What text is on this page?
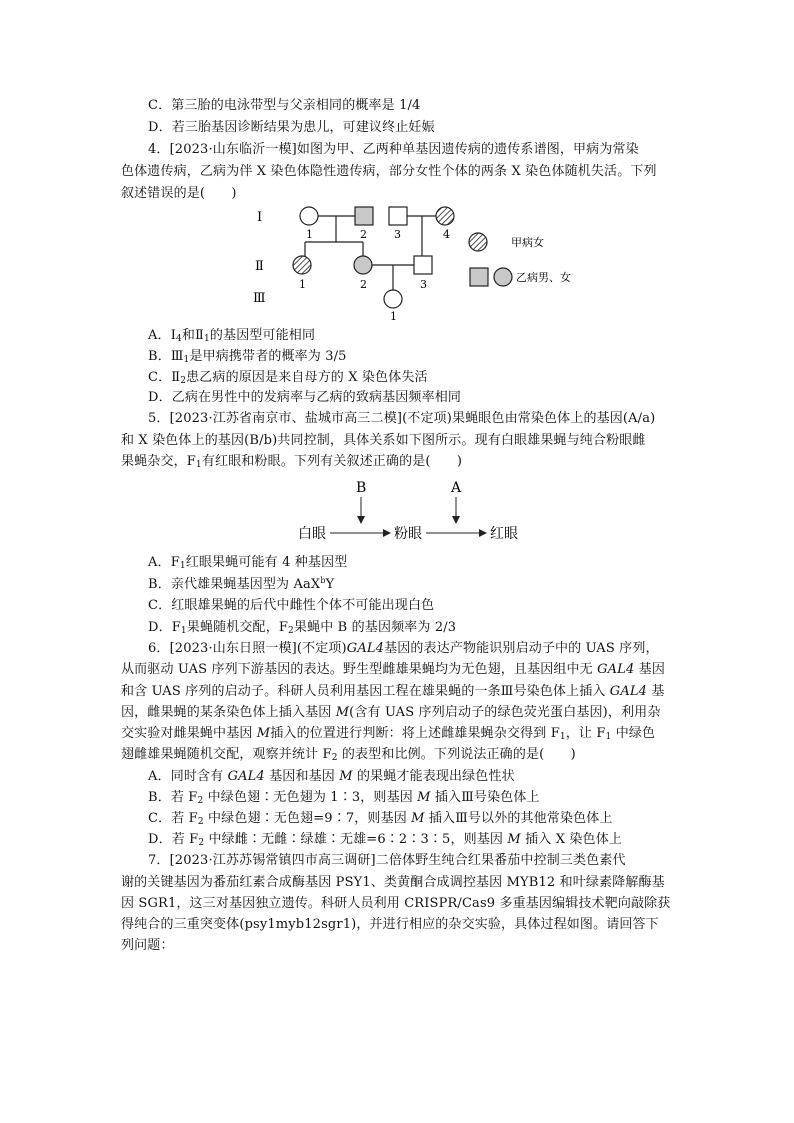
C．第三胎的电泳带型与父亲相同的概率是 1/4
D．若三胎基因诊断结果为患儿，可建议终止妊娠
4．[2023·山东临沂一模]如图为甲、乙两种单基因遗传病的遗传系谱图，甲病为常染
色体遗传病，乙病为伴 X 染色体隐性遗传病，部分女性个体的两条 X 染色体随机失活。下列
叙述错误的是(　　)
Ⅰ
Ⅱ
Ⅲ
1	2 3	4
1	2	3
1
甲病女
乙病男、女
A．$Ⅰ_4$和$Ⅱ_1$的基因型可能相同
B．$Ⅲ_1$是甲病携带者的概率为 3/5
C．$Ⅱ_2$患乙病的原因是来自母方的 X 染色体失活
D．乙病在男性中的发病率与乙病的致病基因频率相同
5．[2023·江苏省南京市、盐城市高三二模](不定项)果蝇眼色由常染色体上的基因(A/a)
和 X 染色体上的基因(B/b)共同控制，具体关系如下图所示。现有白眼雄果蝇与纯合粉眼雌
果蝇杂交，$F_1$有红眼和粉眼。下列有关叙述正确的是(　　)
B	A
白眼	粉眼	红眼
A．$F_1$红眼果蝇可能有 4 种基因型
B．亲代雄果蝇基因型为 AaX$^b$Y
C．红眼雄果蝇的后代中雌性个体不可能出现白色
D．$F_1$果蝇随机交配，$F_2$果蝇中 B 的基因频率为 2/3
6．[2023·山东日照一模](不定项)GAL4基因的表达产物能识别启动子中的 UAS 序列，
从而驱动 UAS 序列下游基因的表达。野生型雌雄果蝇均为无色翅，且基因组中无 GAL4 基因
和含 UAS 序列的启动子。科研人员利用基因工程在雄果蝇的一条Ⅲ号染色体上插入 GAL4 基
因，雌果蝇的某条染色体上插入基因 M(含有 UAS 序列启动子的绿色荧光蛋白基因)，利用杂
交实验对雌果蝇中基因 M插入的位置进行判断：将上述雌雄果蝇杂交得到 $F_1$，让 $F_1$ 中绿色
翅雌雄果蝇随机交配，观察并统计 $F_2$ 的表型和比例。下列说法正确的是(　　)
A．同时含有 GAL4 基因和基因 M 的果蝇才能表现出绿色性状
B．若 $F_2$ 中绿色翅∶无色翅为 1∶3，则基因 M 插入Ⅲ号染色体上
C．若 $F_2$ 中绿色翅∶无色翅=9∶7，则基因 M 插入Ⅲ号以外的其他常染色体上
D．若 $F_2$ 中绿雌∶无雌∶绿雄∶无雄=6∶2∶3∶5，则基因 M 插入 X 染色体上
7．[2023·江苏苏锡常镇四市高三调研]二倍体野生纯合红果番茄中控制三类色素代
谢的关键基因为番茄红素合成酶基因 PSY1、类黄酮合成调控基因 MYB12 和叶绿素降解酶基
因 SGR1，这三对基因独立遗传。科研人员利用 CRISPR/Cas9 多重基因编辑技术靶向敲除获
得纯合的三重突变体(psy1myb12sgr1)，并进行相应的杂交实验，具体过程如图。请回答下
列问题：
